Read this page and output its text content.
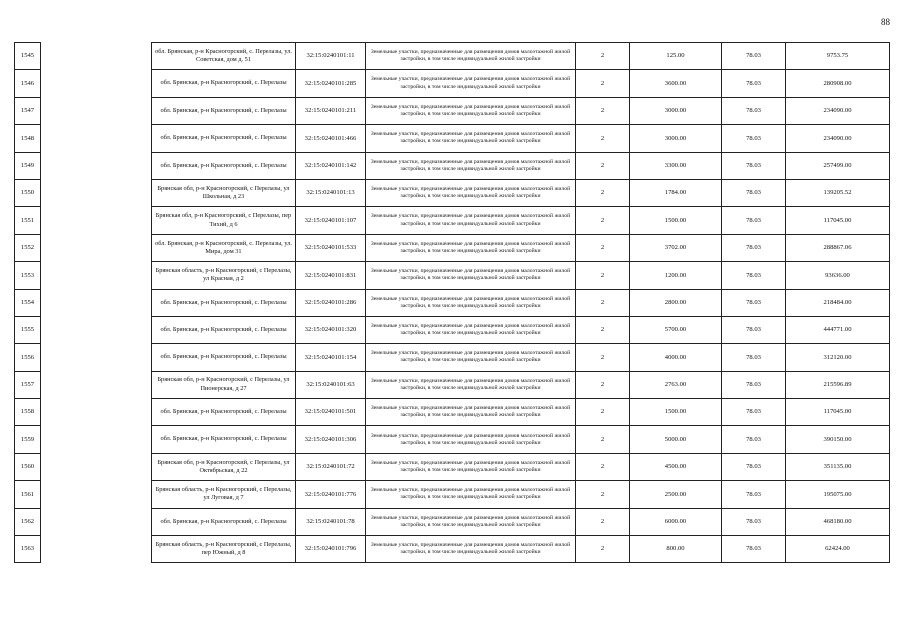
88
1545		обл. Брянская, р-н Красногорский, с. Перелазы, ул. Советская, дом д. 51	32:15:0240101:11	Земельные участки, предназначенные для размещения домов малоэтажной жилой застройки, в том числе индивидуальной жилой застройки	2	125.00	78.03	9753.75
1546		обл. Брянская, р-н Красногорский, с. Перелазы	32:15:0240101:285	Земельные участки, предназначенные для размещения домов малоэтажной жилой застройки, в том числе индивидуальной жилой застройки	2	3600.00	78.03	280908.00
1547		обл. Брянская, р-н Красногорский, с. Перелазы	32:15:0240101:211	Земельные участки, предназначенные для размещения домов малоэтажной жилой застройки, в том числе индивидуальной жилой застройки	2	3000.00	78.03	234090.00
1548		обл. Брянская, р-н Красногорский, с. Перелазы	32:15:0240101:466	Земельные участки, предназначенные для размещения домов малоэтажной жилой застройки, в том числе индивидуальной жилой застройки	2	3000.00	78.03	234090.00
1549		обл. Брянская, р-н Красногорский, с. Перелазы	32:15:0240101:142	Земельные участки, предназначенные для размещения домов малоэтажной жилой застройки, в том числе индивидуальной жилой застройки	2	3300.00	78.03	257499.00
1550		Брянская обл, р-н Красногорский, с Перелазы, ул Школьная, д 23	32:15:0240101:13	Земельные участки, предназначенные для размещения домов малоэтажной жилой застройки, в том числе индивидуальной жилой застройки	2	1784.00	78.03	139205.52
1551		Брянская обл, р-н Красногорский, с Перелазы, пер Тихий, д 6	32:15:0240101:107	Земельные участки, предназначенные для размещения домов малоэтажной жилой застройки, в том числе индивидуальной жилой застройки	2	1500.00	78.03	117045.00
1552		обл. Брянская, р-н Красногорский, с. Перелазы, ул. Мира, дом 31	32:15:0240101:533	Земельные участки, предназначенные для размещения домов малоэтажной жилой застройки, в том числе индивидуальной жилой застройки	2	3702.00	78.03	288867.06
1553		Брянская область, р-н Красногорский, с Перелазы, ул Красная, д 2	32:15:0240101:831	Земельные участки, предназначенные для размещения домов малоэтажной жилой застройки, в том числе индивидуальной жилой застройки	2	1200.00	78.03	93636.00
1554		обл. Брянская, р-н Красногорский, с. Перелазы	32:15:0240101:286	Земельные участки, предназначенные для размещения домов малоэтажной жилой застройки, в том числе индивидуальной жилой застройки	2	2800.00	78.03	218484.00
1555		обл. Брянская, р-н Красногорский, с. Перелазы	32:15:0240101:320	Земельные участки, предназначенные для размещения домов малоэтажной жилой застройки, в том числе индивидуальной жилой застройки	2	5700.00	78.03	444771.00
1556		обл. Брянская, р-н Красногорский, с. Перелазы	32:15:0240101:154	Земельные участки, предназначенные для размещения домов малоэтажной жилой застройки, в том числе индивидуальной жилой застройки	2	4000.00	78.03	312120.00
1557		Брянская обл, р-н Красногорский, с Перелазы, ул Пионерская, д 27	32:15:0240101:63	Земельные участки, предназначенные для размещения домов малоэтажной жилой застройки, в том числе индивидуальной жилой застройки	2	2763.00	78.03	215596.89
1558		обл. Брянская, р-н Красногорский, с. Перелазы	32:15:0240101:501	Земельные участки, предназначенные для размещения домов малоэтажной жилой застройки, в том числе индивидуальной жилой застройки	2	1500.00	78.03	117045.00
1559		обл. Брянская, р-н Красногорский, с. Перелазы	32:15:0240101:306	Земельные участки, предназначенные для размещения домов малоэтажной жилой застройки, в том числе индивидуальной жилой застройки	2	5000.00	78.03	390150.00
1560		Брянская обл, р-н Красногорский, с Перелазы, ул Октябрьская, д 22	32:15:0240101:72	Земельные участки, предназначенные для размещения домов малоэтажной жилой застройки, в том числе индивидуальной жилой застройки	2	4500.00	78.03	351135.00
1561		Брянская область, р-н Красногорский, с Перелазы, ул Луговая, д 7	32:15:0240101:776	Земельные участки, предназначенные для размещения домов малоэтажной жилой застройки, в том числе индивидуальной жилой застройки	2	2500.00	78.03	195075.00
1562		обл. Брянская, р-н Красногорский, с. Перелазы	32:15:0240101:78	Земельные участки, предназначенные для размещения домов малоэтажной жилой застройки, в том числе индивидуальной жилой застройки	2	6000.00	78.03	468180.00
1563		Брянская область, р-н Красногорский, с Перелазы, пер Южный, д 8	32:15:0240101:796	Земельные участки, предназначенные для размещения домов малоэтажной жилой застройки, в том числе индивидуальной жилой застройки	2	800.00	78.03	62424.00
